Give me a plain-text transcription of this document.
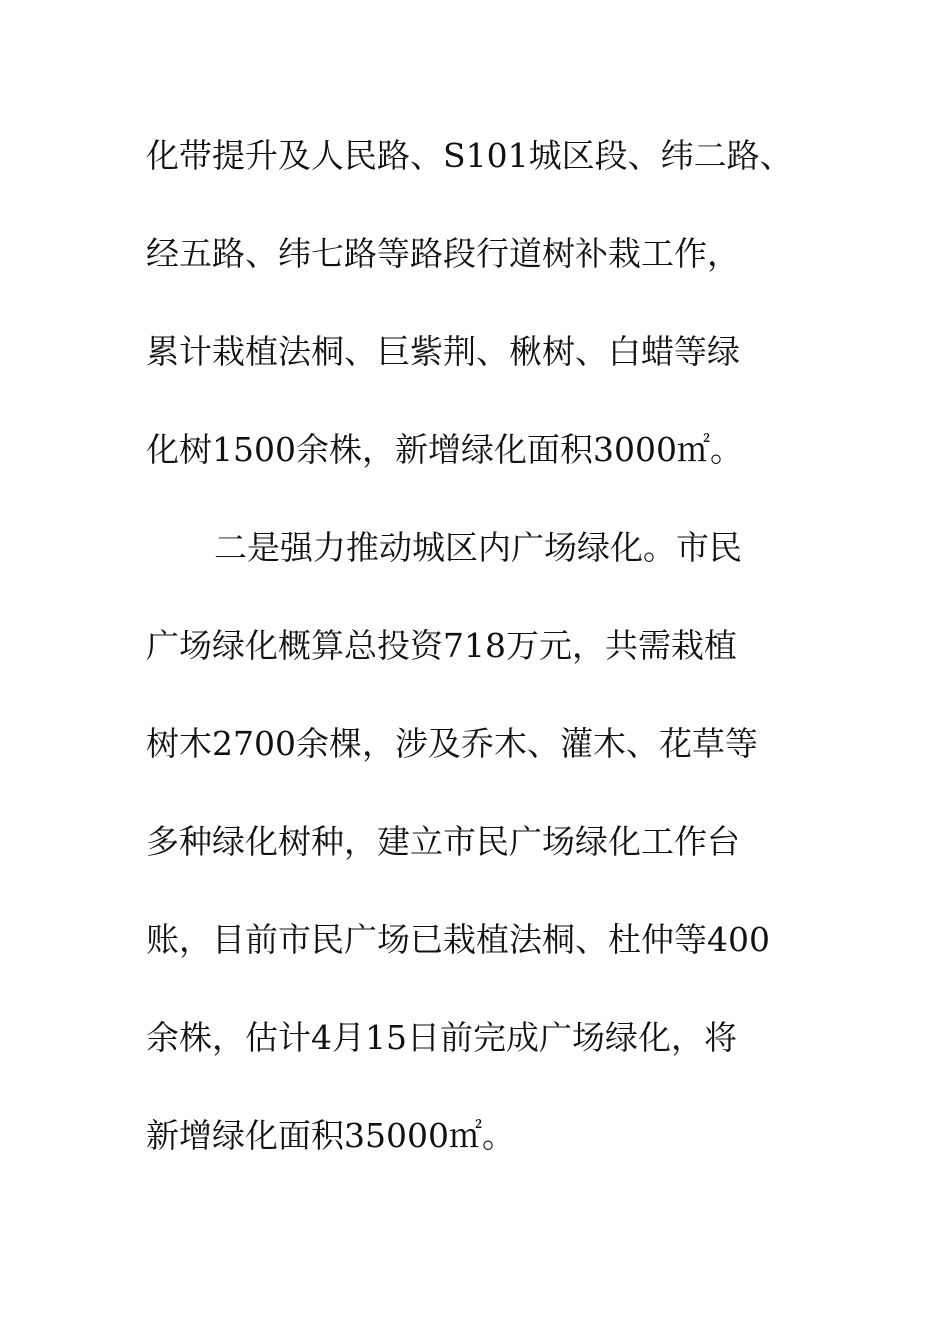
化带提升及人民路、S101城区段、纬二路、
经五路、纬七路等路段行道树补栽工作，
累计栽植法桐、巨紫荆、楸树、白蜡等绿
化树1500余株，新增绿化面积3000㎡。
二是强力推动城区内广场绿化。市民
广场绿化概算总投资718万元，共需栽植
树木2700余棵，涉及乔木、灌木、花草等
多种绿化树种，建立市民广场绿化工作台
账，目前市民广场已栽植法桐、杜仲等400
余株，估计4月15日前完成广场绿化，将
新增绿化面积35000㎡。
